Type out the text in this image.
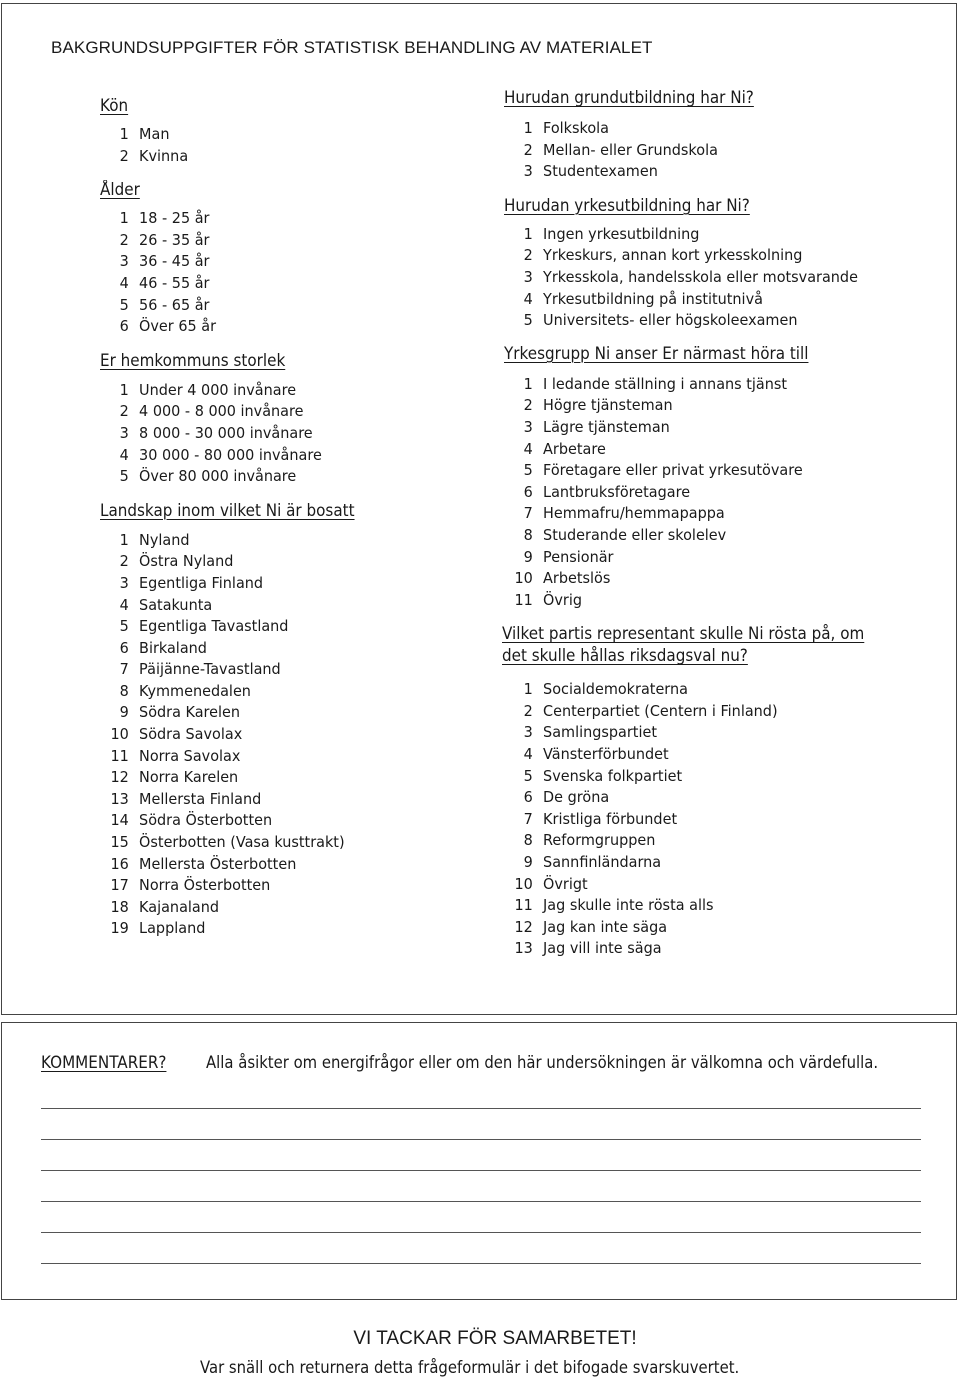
BAKGRUNDSUPPGIFTER FÖR STATISTISK BEHANDLING AV MATERIALET
Kön
1 Man
2 Kvinna
Ålder
1 18 - 25 år
2 26 - 35 år
3 36 - 45 år
4 46 - 55 år
5 56 - 65 år
6 Över 65 år
Er hemkommuns storlek
1 Under 4 000 invånare
2 4 000 - 8 000 invånare
3 8 000 - 30 000 invånare
4 30 000 - 80 000 invånare
5 Över 80 000 invånare
Landskap inom vilket Ni är bosatt
1 Nyland
2 Östra Nyland
3 Egentliga Finland
4 Satakunta
5 Egentliga Tavastland
6 Birkaland
7 Päijänne-Tavastland
8 Kymmenedalen
9 Södra Karelen
10 Södra Savolax
11 Norra Savolax
12 Norra Karelen
13 Mellersta Finland
14 Södra Österbotten
15 Österbotten (Vasa kusttrakt)
16 Mellersta Österbotten
17 Norra Österbotten
18 Kajanaland
19 Lappland
Hurudan grundutbildning har Ni?
1 Folkskola
2 Mellan- eller Grundskola
3 Studentexamen
Hurudan yrkesutbildning har Ni?
1 Ingen yrkesutbildning
2 Yrkeskurs, annan kort yrkesskolning
3 Yrkesskola, handelsskola eller motsvarande
4 Yrkesutbildning på institutnivå
5 Universitets- eller högskoleexamen
Yrkesgrupp Ni anser Er närmast höra till
1 I ledande ställning i annans tjänst
2 Högre tjänsteman
3 Lägre tjänsteman
4 Arbetare
5 Företagare eller privat yrkesutövare
6 Lantbruksföretagare
7 Hemmafru/hemmapappa
8 Studerande eller skolelev
9 Pensionär
10 Arbetslös
11 Övrig
Vilket partis representant skulle Ni rösta på, om
det skulle hållas riksdagsval nu?
1 Socialdemokraterna
2 Centerpartiet (Centern i Finland)
3 Samlingspartiet
4 Vänsterförbundet
5 Svenska folkpartiet
6 De gröna
7 Kristliga förbundet
8 Reformgruppen
9 Sannfinländarna
10 Övrigt
11 Jag skulle inte rösta alls
12 Jag kan inte säga
13 Jag vill inte säga
KOMMENTARER? Alla åsikter om energifrågor eller om den här undersökningen är välkomna och värdefulla.
VI TACKAR FÖR SAMARBETET!
Var snäll och returnera detta frågeformulär i det bifogade svarskuvertet.
